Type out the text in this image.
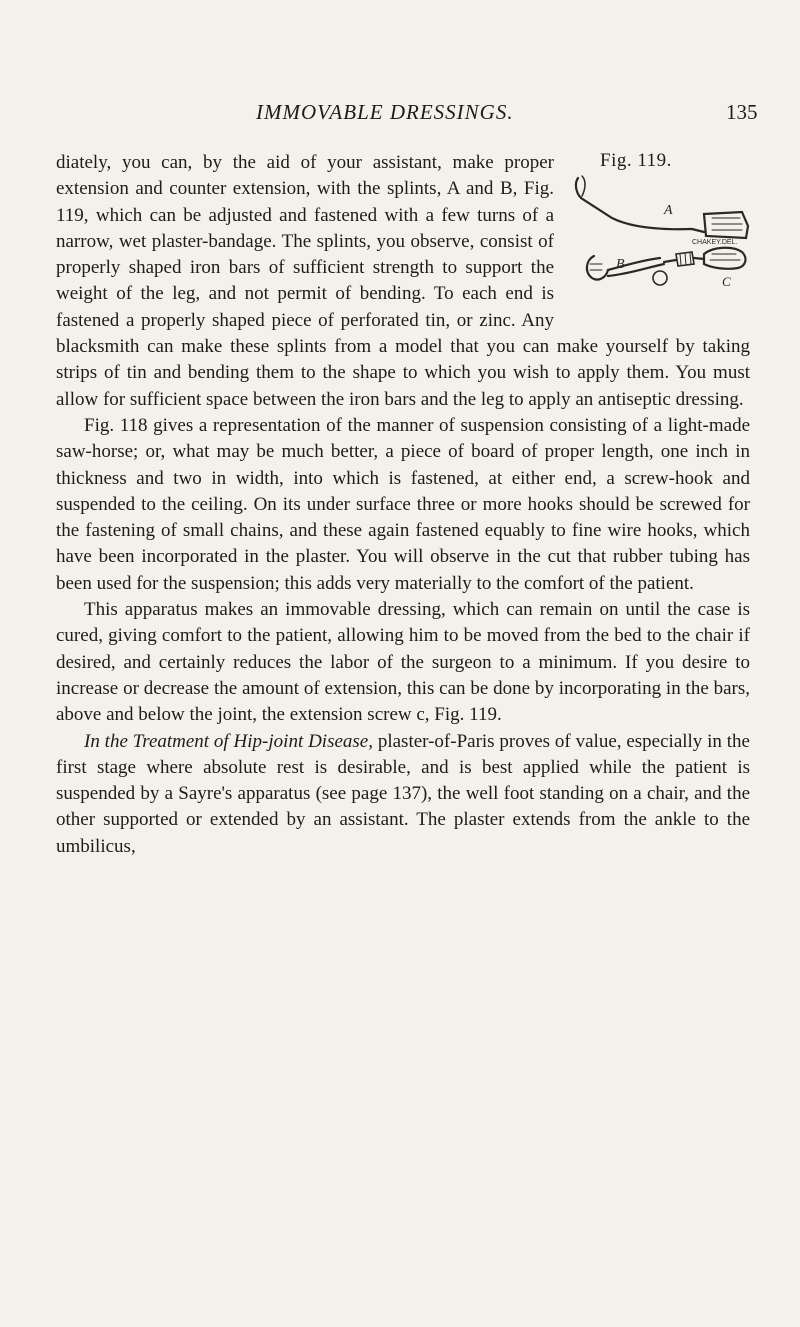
IMMOVABLE DRESSINGS.	135
Fig. 119.
A
B
C
CHAKEY.DEL.

diately, you can, by the aid of your assistant, make proper extension and counter extension, with the splints, A and B, Fig. 119, which can be adjusted and fastened with a few turns of a narrow, wet plaster-bandage. The splints, you observe, consist of properly shaped iron bars of sufficient strength to support the weight of the leg, and not permit of bending. To each end is fastened a properly shaped piece of perforated tin, or zinc. Any blacksmith can make these splints from a model that you can make yourself by taking strips of tin and bending them to the shape to which you wish to apply them. You must allow for sufficient space between the iron bars and the leg to apply an antiseptic dressing.

Fig. 118 gives a representation of the manner of suspension consisting of a light-made saw-horse; or, what may be much better, a piece of board of proper length, one inch in thickness and two in width, into which is fastened, at either end, a screw-hook and suspended to the ceiling. On its under surface three or more hooks should be screwed for the fastening of small chains, and these again fastened equably to fine wire hooks, which have been incorporated in the plaster. You will observe in the cut that rubber tubing has been used for the suspension; this adds very materially to the comfort of the patient.

This apparatus makes an immovable dressing, which can remain on until the case is cured, giving comfort to the patient, allowing him to be moved from the bed to the chair if desired, and certainly reduces the labor of the surgeon to a minimum. If you desire to increase or decrease the amount of extension, this can be done by incorporating in the bars, above and below the joint, the extension screw c, Fig. 119.

In the Treatment of Hip-joint Disease, plaster-of-Paris proves of value, especially in the first stage where absolute rest is desirable, and is best applied while the patient is suspended by a Sayre's apparatus (see page 137), the well foot standing on a chair, and the other supported or extended by an assistant. The plaster extends from the ankle to the umbilicus,
